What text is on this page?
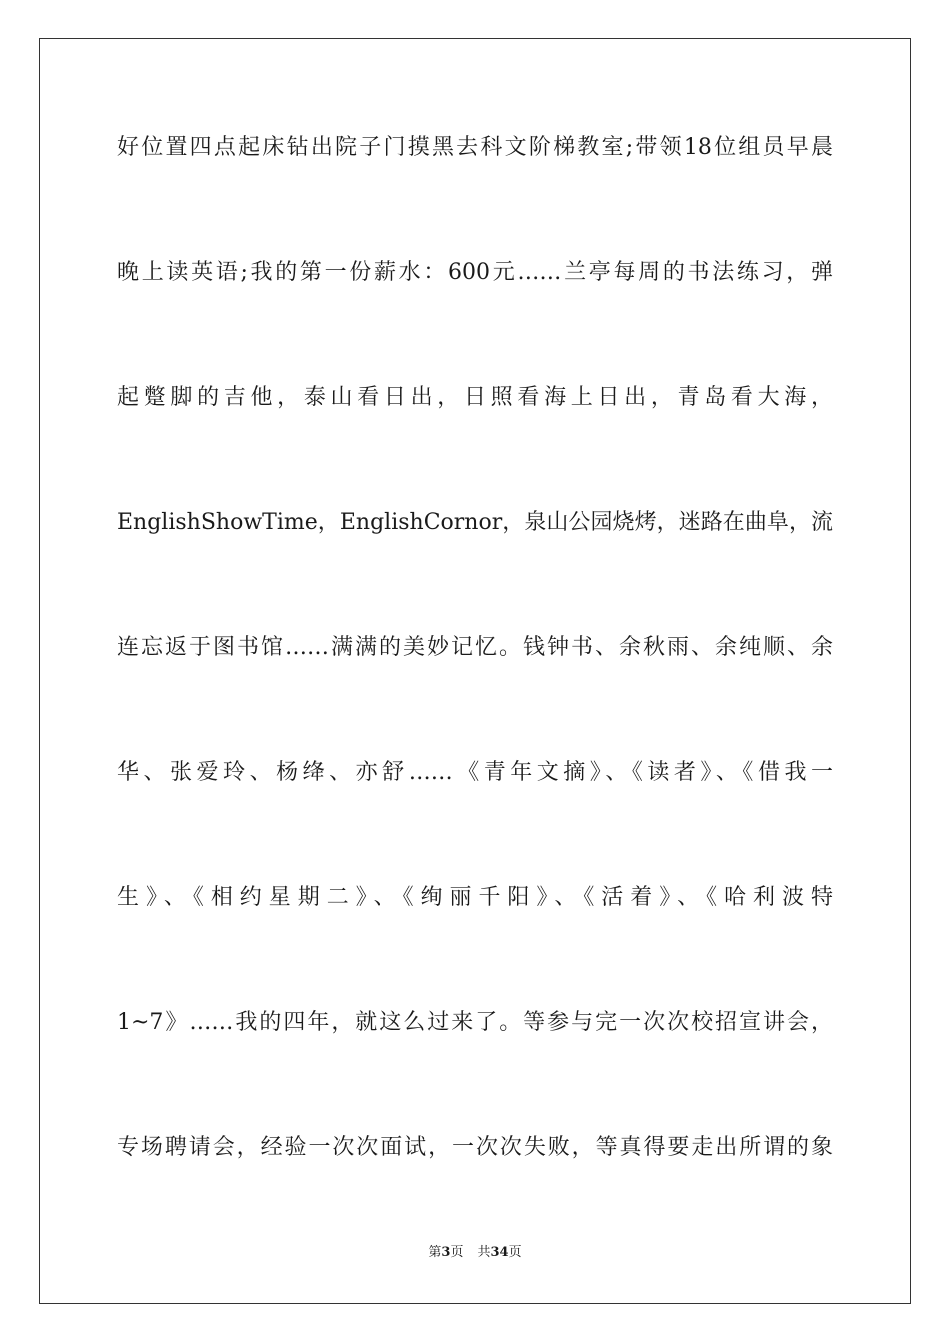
好位置四点起床钻出院子门摸黑去科文阶梯教室;带领18位组员早晨
晚上读英语;我的第一份薪水：600元……兰亭每周的书法练习，弹
起蹩脚的吉他，泰山看日出，日照看海上日出，青岛看大海，
EnglishShowTime，EnglishCornor，泉山公园烧烤，迷路在曲阜，流
连忘返于图书馆……满满的美妙记忆。钱钟书、余秋雨、余纯顺、余
华、张爱玲、杨绛、亦舒……《青年文摘》、《读者》、《借我一
生》、《相约星期二》、《绚丽千阳》、《活着》、《哈利波特
1~7》……我的四年，就这么过来了。等参与完一次次校招宣讲会，
专场聘请会，经验一次次面试，一次次失败，等真得要走出所谓的象
第3页 共34页
